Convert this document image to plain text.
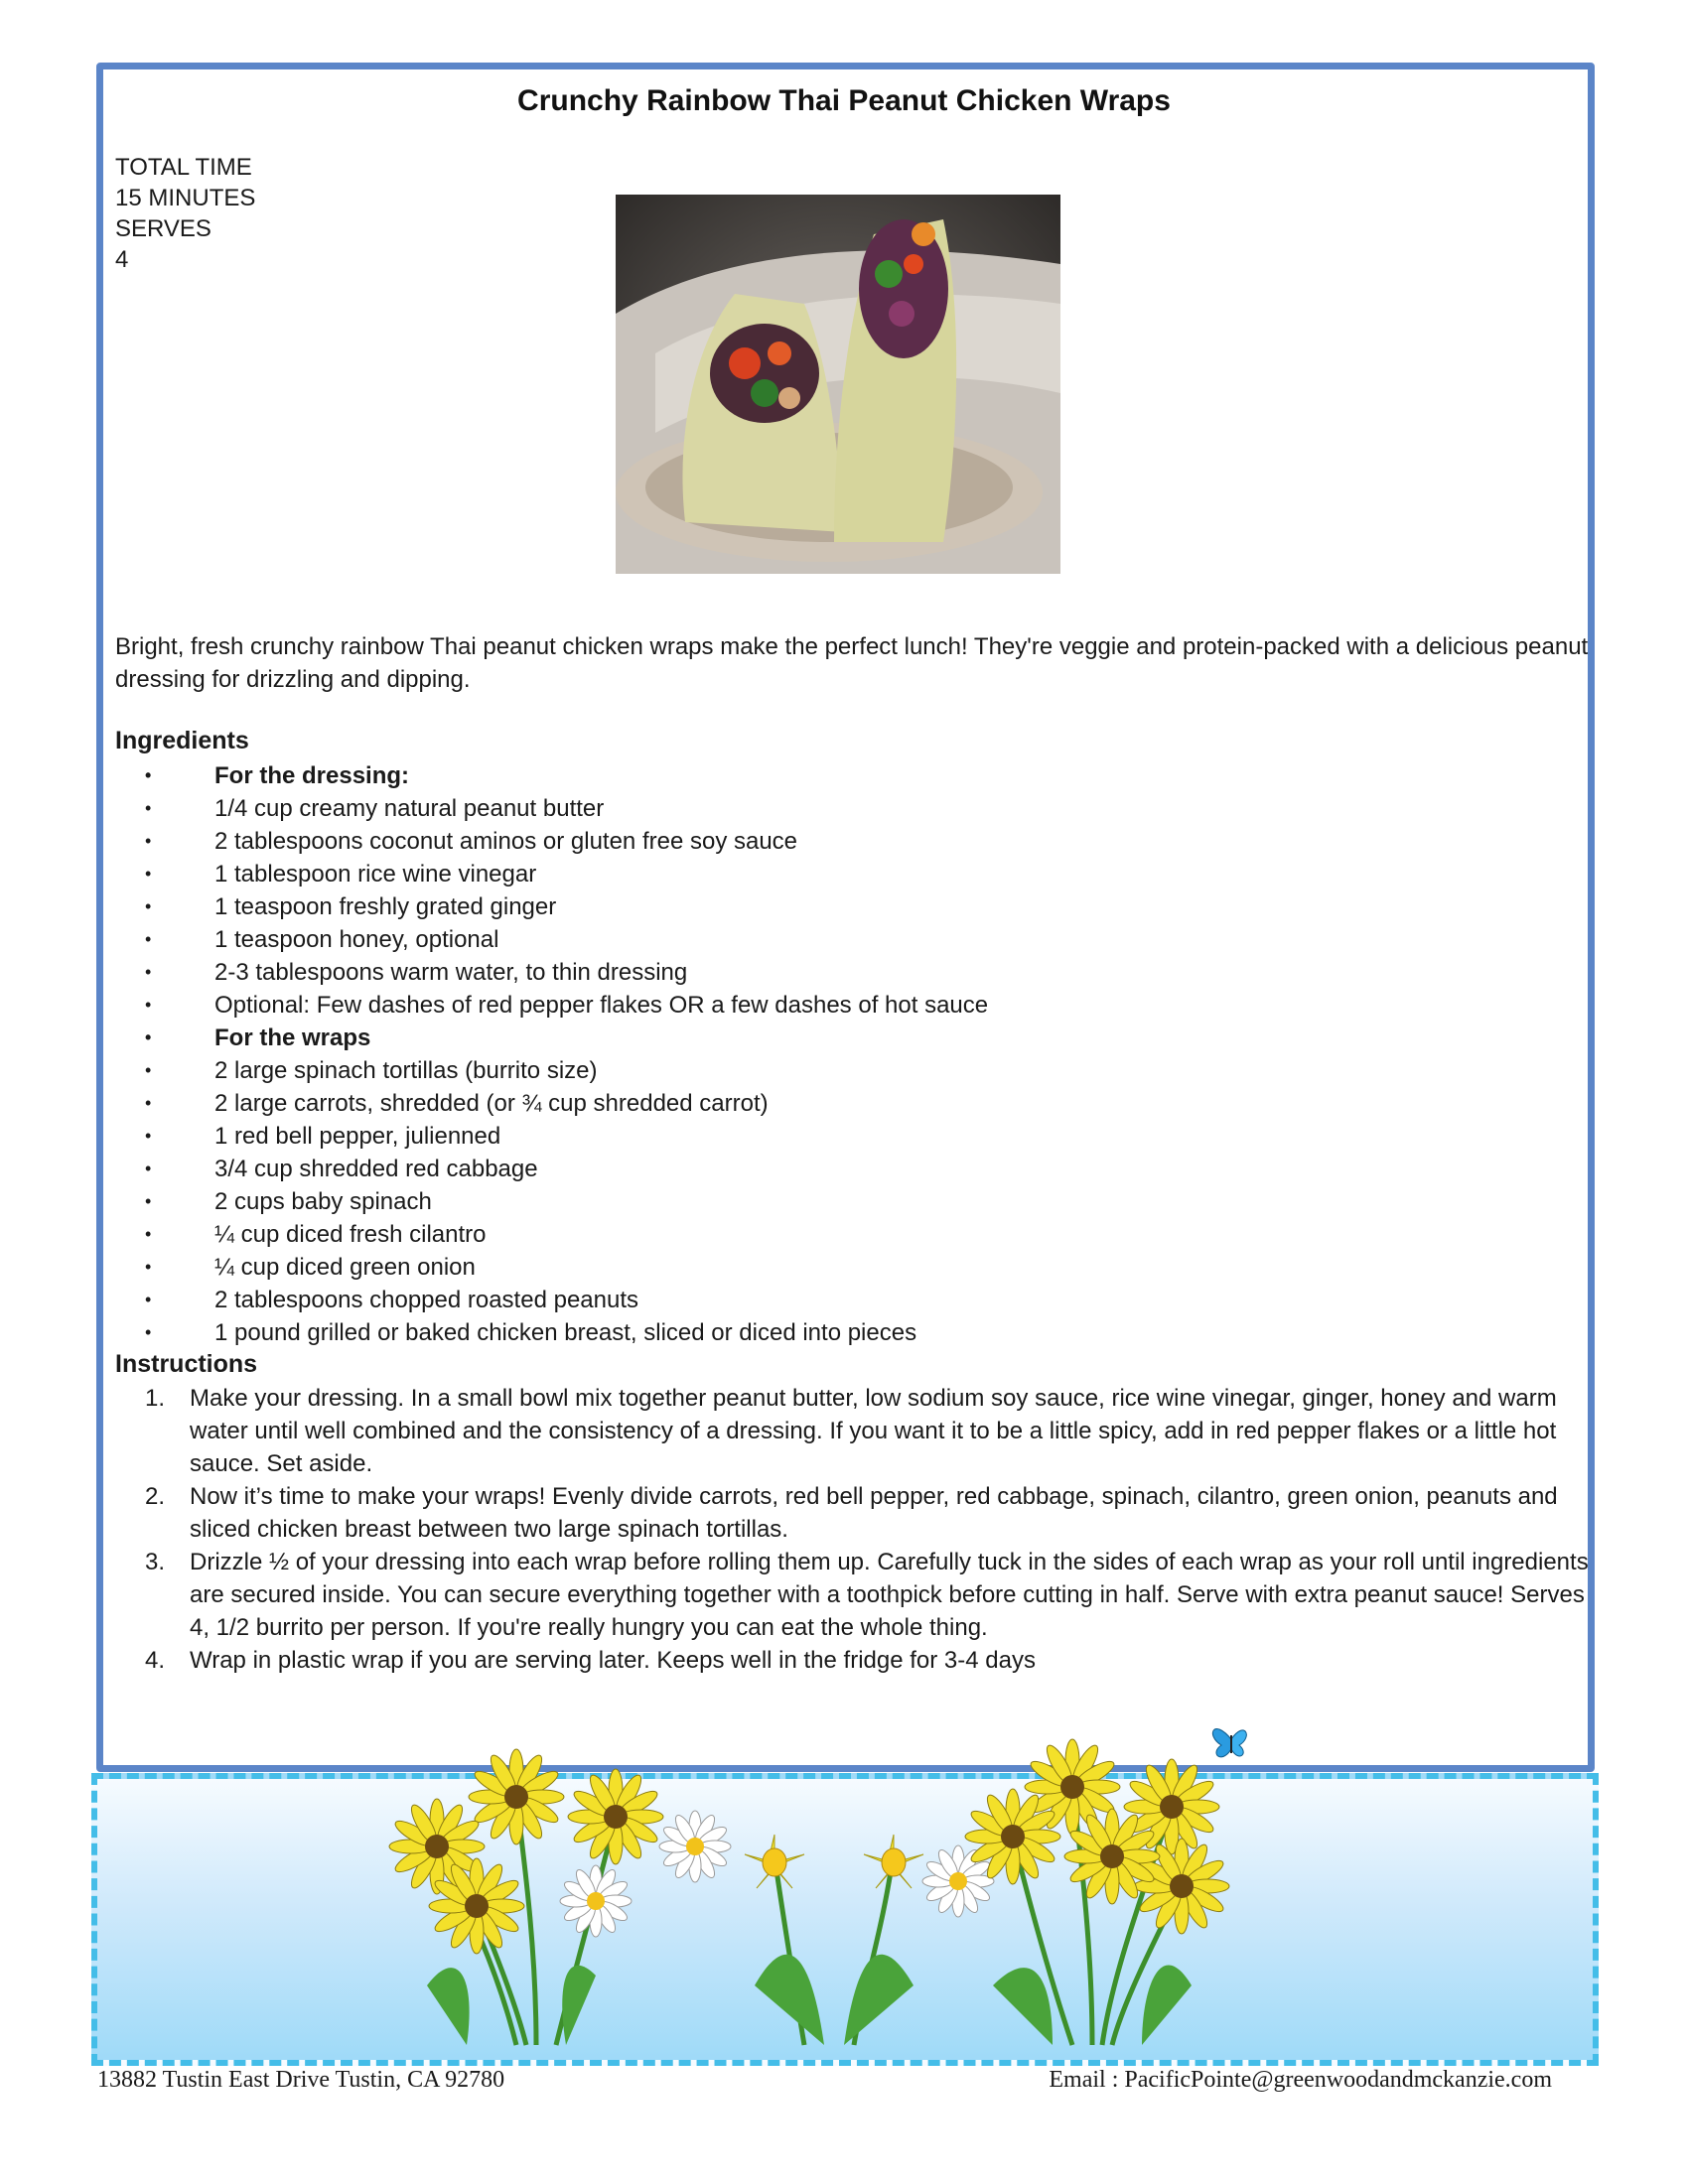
Crunchy Rainbow Thai Peanut Chicken Wraps
TOTAL TIME
15 MINUTES
SERVES
4
Bright, fresh crunchy rainbow Thai peanut chicken wraps make the perfect lunch! They're veggie and protein-packed with a delicious peanut dressing for drizzling and dipping.
Ingredients
•	For the dressing:
•	1/4 cup creamy natural peanut butter
•	2 tablespoons coconut aminos or gluten free soy sauce
•	1 tablespoon rice wine vinegar
•	1 teaspoon freshly grated ginger
•	1 teaspoon honey, optional
•	2-3 tablespoons warm water, to thin dressing
•	Optional: Few dashes of red pepper flakes OR a few dashes of hot sauce
•	For the wraps
•	2 large spinach tortillas (burrito size)
•	2 large carrots, shredded (or ¾ cup shredded carrot)
•	1 red bell pepper, julienned
•	3/4 cup shredded red cabbage
•	2 cups baby spinach
•	¼ cup diced fresh cilantro
•	¼ cup diced green onion
•	2 tablespoons chopped roasted peanuts
•	1 pound grilled or baked chicken breast, sliced or diced into pieces
Instructions
1. Make your dressing. In a small bowl mix together peanut butter, low sodium soy sauce, rice wine vinegar, ginger, honey and warm water until well combined and the consistency of a dressing. If you want it to be a little spicy, add in red pepper flakes or a little hot sauce. Set aside.
2. Now it’s time to make your wraps! Evenly divide carrots, red bell pepper, red cabbage, spinach, cilantro, green onion, peanuts and sliced chicken breast between two large spinach tortillas.
3. Drizzle ½ of your dressing into each wrap before rolling them up. Carefully tuck in the sides of each wrap as your roll until ingredients are secured inside. You can secure everything together with a toothpick before cutting in half. Serve with extra peanut sauce! Serves 4, 1/2 burrito per person. If you're really hungry you can eat the whole thing.
4. Wrap in plastic wrap if you are serving later. Keeps well in the fridge for 3-4 days
13882 Tustin East Drive Tustin, CA 92780	Email : PacificPointe@greenwoodandmckanzie.com
